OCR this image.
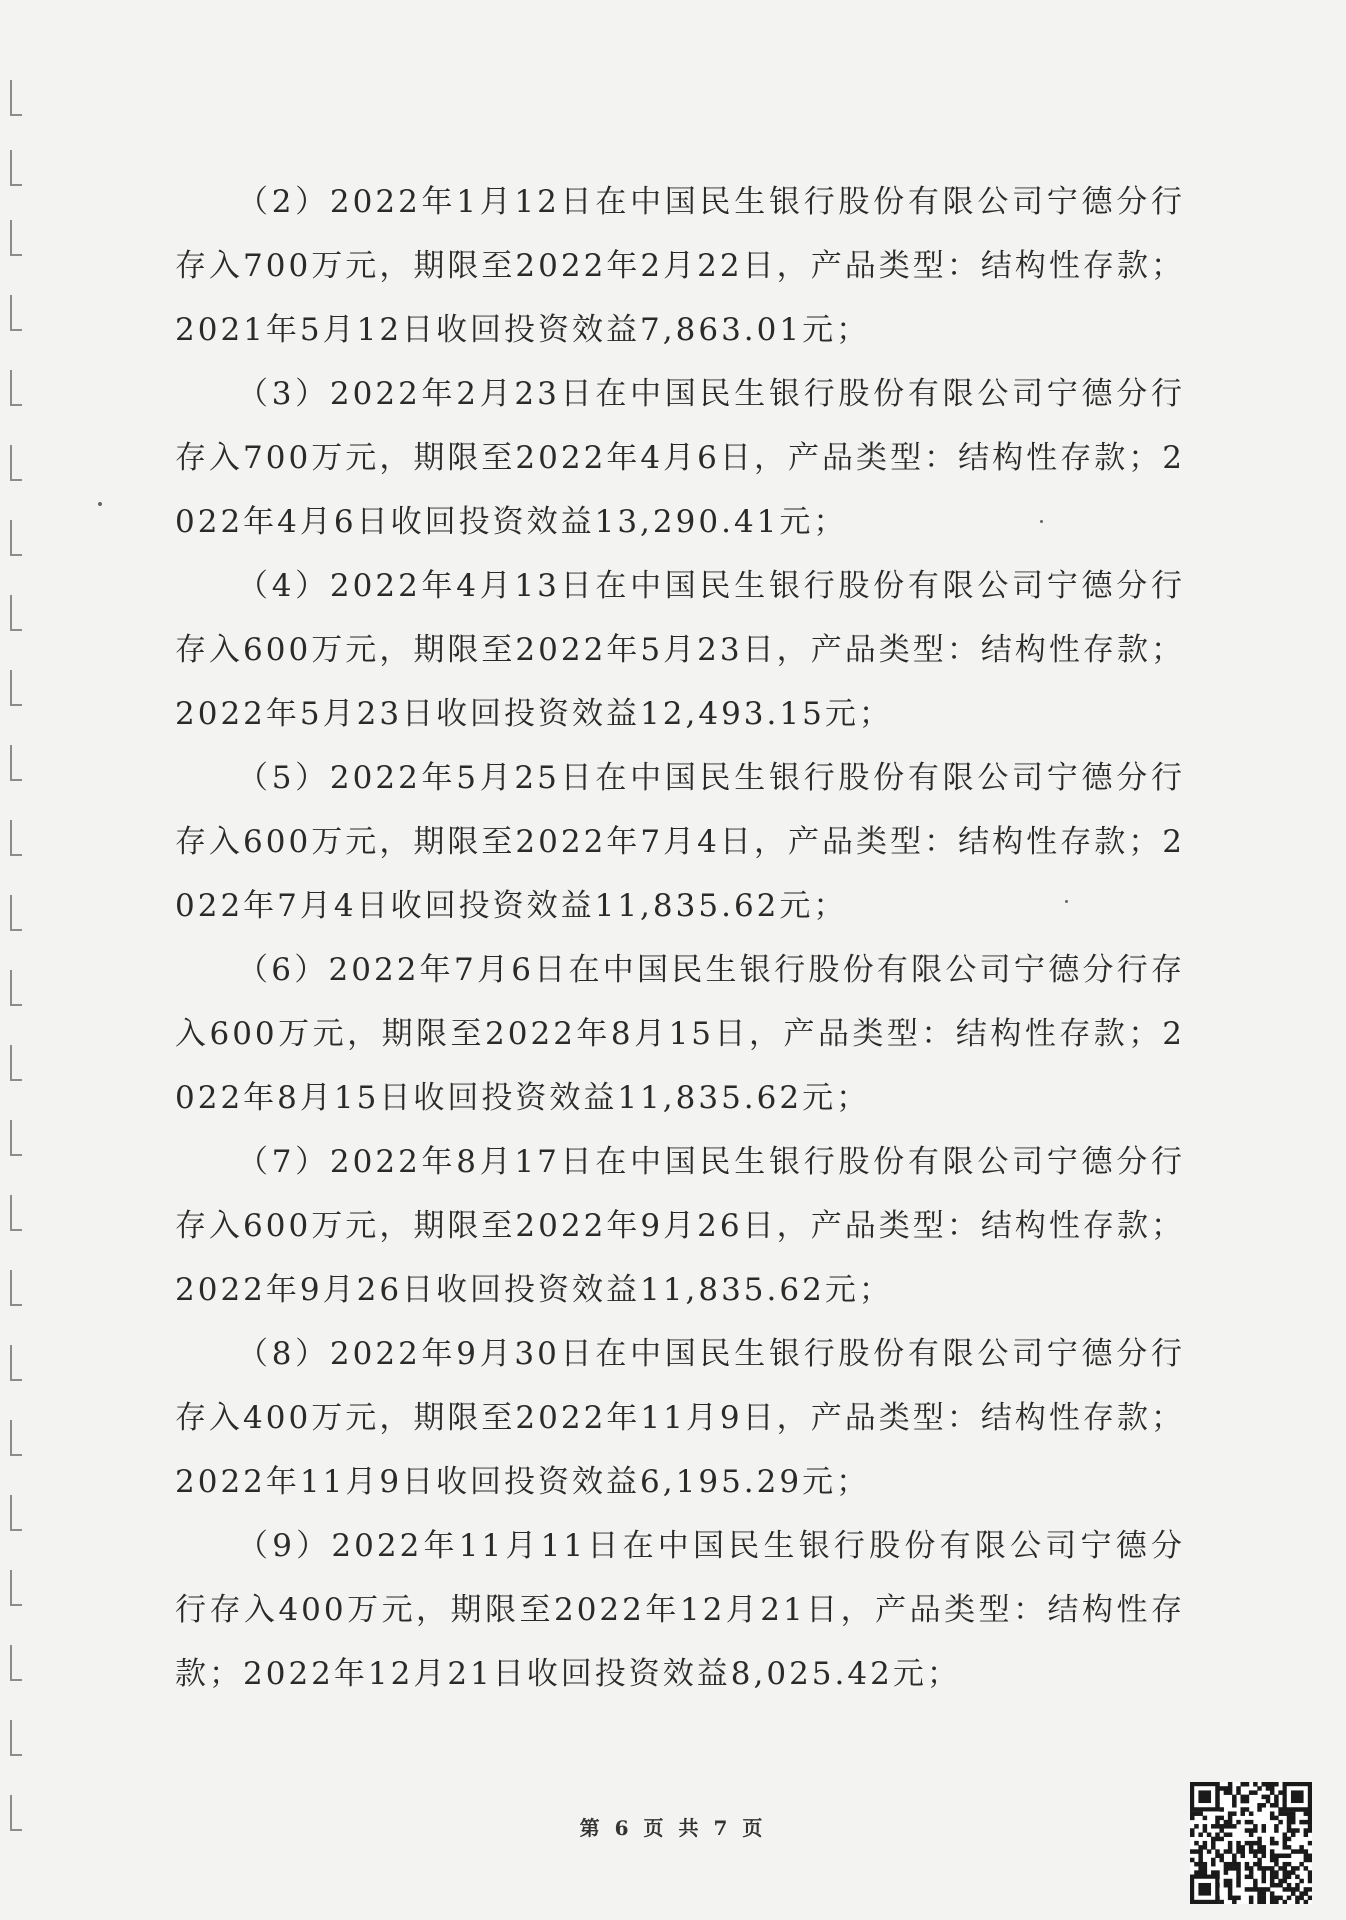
（2）2022年1月12日在中国民生银行股份有限公司宁德分行存入700万元，期限至2022年2月22日，产品类型：结构性存款；2021年5月12日收回投资效益7,863.01元；

（3）2022年2月23日在中国民生银行股份有限公司宁德分行存入700万元，期限至2022年4月6日，产品类型：结构性存款；2022年4月6日收回投资效益13,290.41元；

（4）2022年4月13日在中国民生银行股份有限公司宁德分行存入600万元，期限至2022年5月23日，产品类型：结构性存款；2022年5月23日收回投资效益12,493.15元；

（5）2022年5月25日在中国民生银行股份有限公司宁德分行存入600万元，期限至2022年7月4日，产品类型：结构性存款；2022年7月4日收回投资效益11,835.62元；

（6）2022年7月6日在中国民生银行股份有限公司宁德分行存入600万元，期限至2022年8月15日，产品类型：结构性存款；2022年8月15日收回投资效益11,835.62元；

（7）2022年8月17日在中国民生银行股份有限公司宁德分行存入600万元，期限至2022年9月26日，产品类型：结构性存款；2022年9月26日收回投资效益11,835.62元；

（8）2022年9月30日在中国民生银行股份有限公司宁德分行存入400万元，期限至2022年11月9日，产品类型：结构性存款；2022年11月9日收回投资效益6,195.29元；

（9）2022年11月11日在中国民生银行股份有限公司宁德分行存入400万元，期限至2022年12月21日，产品类型：结构性存款；2022年12月21日收回投资效益8,025.42元；

第 6 页 共 7 页
